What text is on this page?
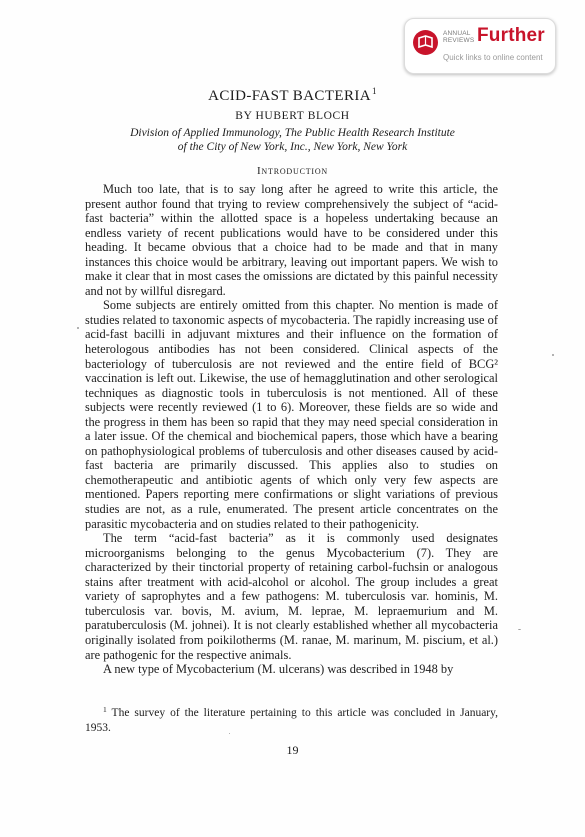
ANNUAL
REVIEWS Further
Quick links to online content
ACID-FAST BACTERIA$^1$
BY HUBERT BLOCH
Division of Applied Immunology, The Public Health Research Institute
of the City of New York, Inc., New York, New York
Introduction

Much too late, that is to say long after he agreed to write this article, the present author found that trying to review comprehensively the subject of “acid-fast bacteria” within the allotted space is a hopeless undertaking because an endless variety of recent publications would have to be considered under this heading. It became obvious that a choice had to be made and that in many instances this choice would be arbitrary, leaving out important papers. We wish to make it clear that in most cases the omissions are dictated by this painful necessity and not by willful disregard.

Some subjects are entirely omitted from this chapter. No mention is made of studies related to taxonomic aspects of mycobacteria. The rapidly increasing use of acid-fast bacilli in adjuvant mixtures and their influence on the formation of heterologous antibodies has not been considered. Clinical aspects of the bacteriology of tuberculosis are not reviewed and the entire field of BCG² vaccination is left out. Likewise, the use of hemagglutination and other serological techniques as diagnostic tools in tuberculosis is not mentioned. All of these subjects were recently reviewed (1 to 6). Moreover, these fields are so wide and the progress in them has been so rapid that they may need special consideration in a later issue. Of the chemical and biochemical papers, those which have a bearing on pathophysiological problems of tuberculosis and other diseases caused by acid-fast bacteria are primarily discussed. This applies also to studies on chemotherapeutic and antibiotic agents of which only very few aspects are mentioned. Papers reporting mere confirmations or slight variations of previous studies are not, as a rule, enumerated. The present article concentrates on the parasitic mycobacteria and on studies related to their pathogenicity.

The term “acid-fast bacteria” as it is commonly used designates microorganisms belonging to the genus Mycobacterium (7). They are characterized by their tinctorial property of retaining carbol-fuchsin or analogous stains after treatment with acid-alcohol or alcohol. The group includes a great variety of saprophytes and a few pathogens: M. tuberculosis var. hominis, M. tuberculosis var. bovis, M. avium, M. leprae, M. lepraemurium and M. paratuberculosis (M. johnei). It is not clearly established whether all mycobacteria originally isolated from poikilotherms (M. ranae, M. marinum, M. piscium, et al.) are pathogenic for the respective animals.

A new type of Mycobacterium (M. ulcerans) was described in 1948 by

$^1$ The survey of the literature pertaining to this article was concluded in January, 1953.
19
